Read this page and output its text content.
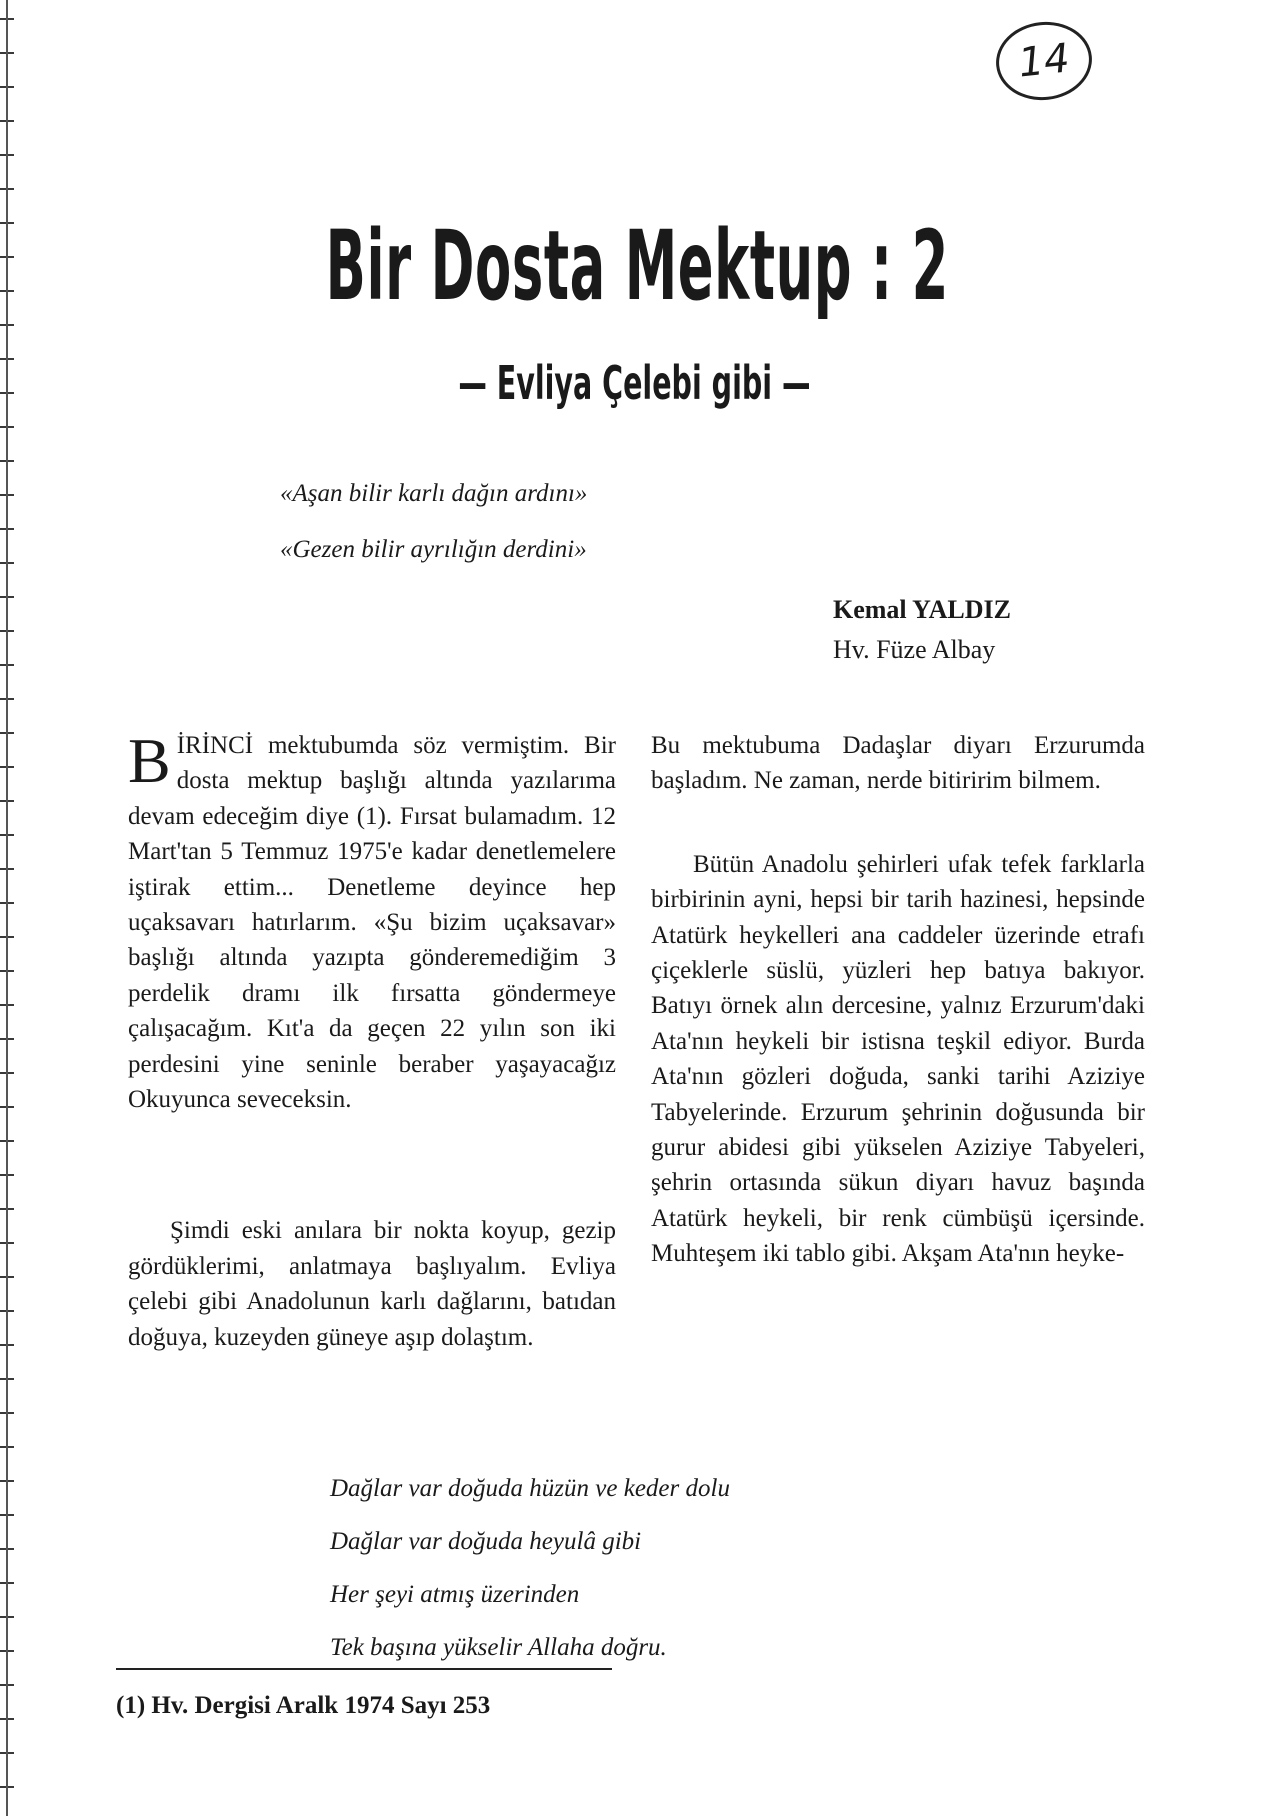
14
Bir Dosta Mektup : 2
— Evliya Çelebi gibi —
«Aşan bilir karlı dağın ardını»
«Gezen bilir ayrılığın derdini»
Kemal YALDIZ
Hv. Füze Albay

BİRİNCİ mektubumda söz vermiştim. Bir dosta mektup başlığı altında yazılarıma devam edeceğim diye (1). Fırsat bulamadım. 12 Mart'tan 5 Temmuz 1975'e kadar denetlemelere iştirak ettim... Denetleme deyince hep uçaksavarı hatırlarım. «Şu bizim uçaksavar» başlığı altında yazıpta gönderemediğim 3 perdelik dramı ilk fırsatta göndermeye çalışacağım. Kıt'a da geçen 22 yılın son iki perdesini yine seninle beraber yaşayacağız Okuyunca seveceksin.

Şimdi eski anılara bir nokta koyup, gezip gördüklerimi, anlatmaya başlıyalım. Evliya çelebi gibi Anadolunun karlı dağlarını, batıdan doğuya, kuzeyden güneye aşıp dolaştım.

Bu mektubuma Dadaşlar diyarı Erzurumda başladım. Ne zaman, nerde bitiririm bilmem.

Bütün Anadolu şehirleri ufak tefek farklarla birbirinin ayni, hepsi bir tarih hazinesi, hepsinde Atatürk heykelleri ana caddeler üzerinde etrafı çiçeklerle süslü, yüzleri hep batıya bakıyor. Batıyı örnek alın dercesine, yalnız Erzurum'daki Ata'nın heykeli bir istisna teşkil ediyor. Burda Ata'nın gözleri doğuda, sanki tarihi Aziziye Tabyelerinde. Erzurum şehrinin doğusunda bir gurur abidesi gibi yükselen Aziziye Tabyeleri, şehrin ortasında sükun diyarı havuz başında Atatürk heykeli, bir renk cümbüşü içersinde. Muhteşem iki tablo gibi. Akşam Ata'nın heyke-

Dağlar var doğuda hüzün ve keder dolu
Dağlar var doğuda heyulâ gibi
Her şeyi atmış üzerinden
Tek başına yükselir Allaha doğru.
(1) Hv. Dergisi Aralk 1974 Sayı 253
